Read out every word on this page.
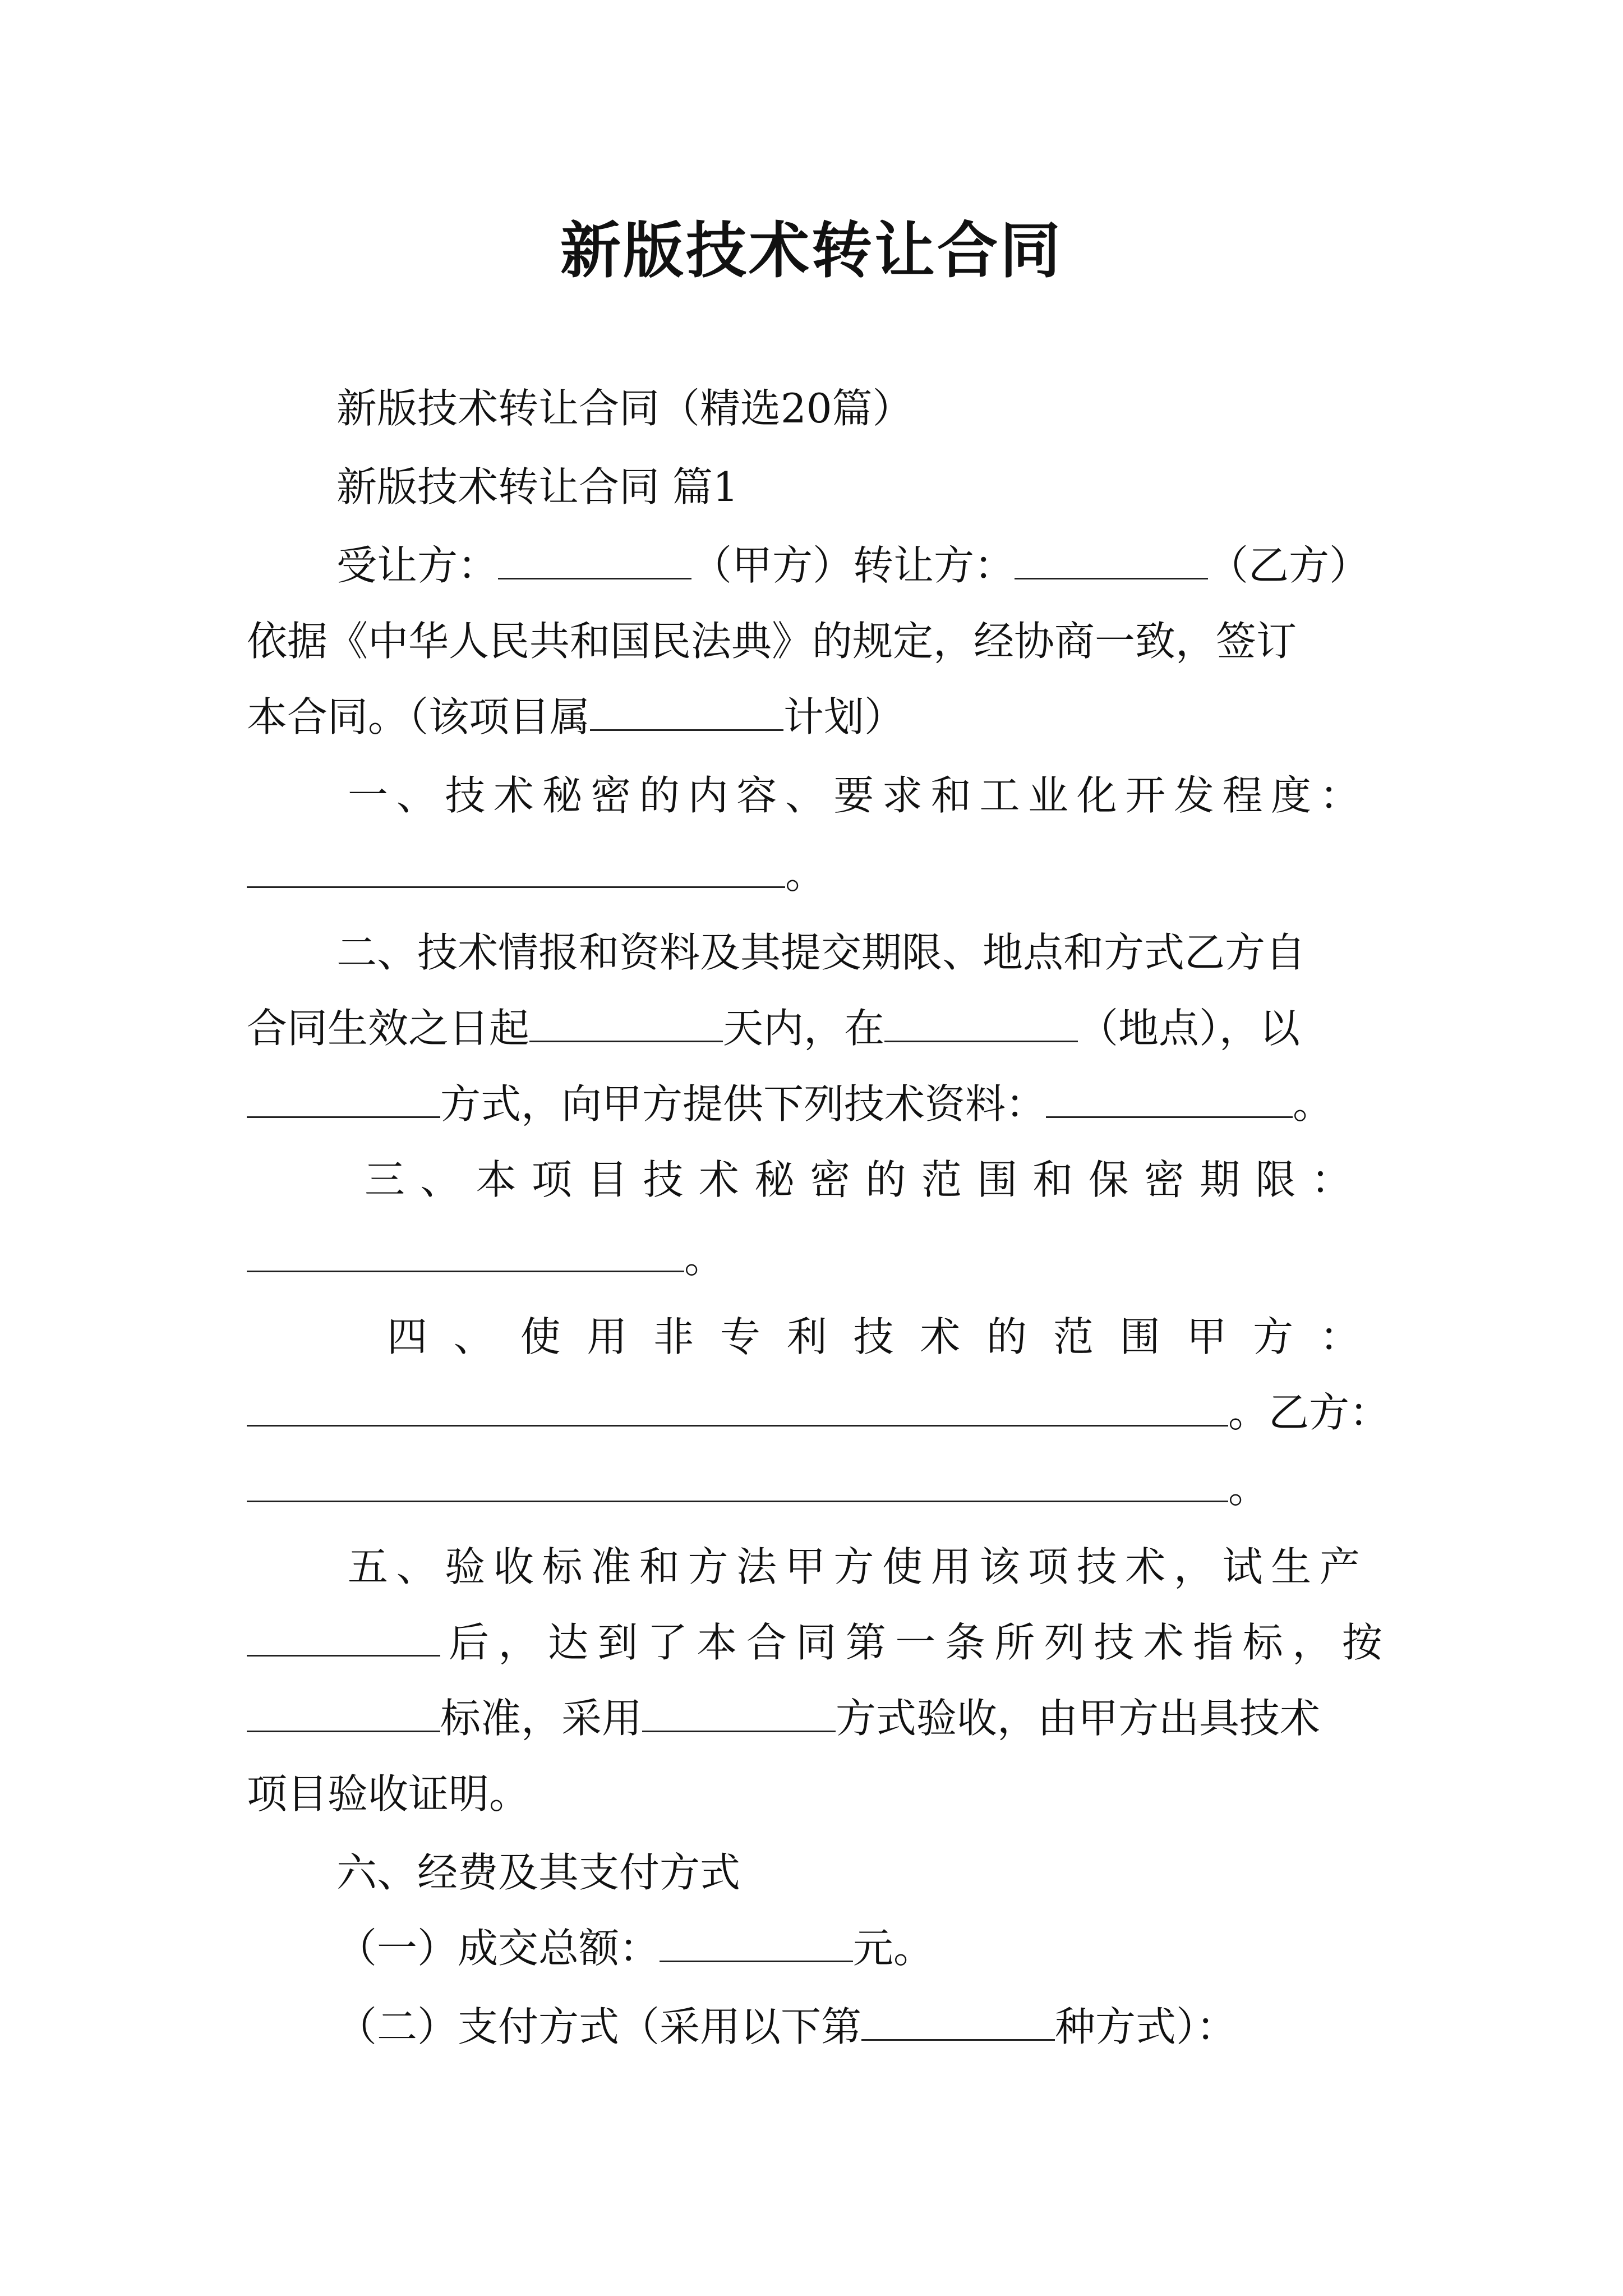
新版技术转让合同
新版技术转让合同（精选20篇）
新版技术转让合同 篇1
受让方：	（甲方）转让方：	（乙方）
依据《中华人民共和国民法典》的规定，经协商一致，签订
本合同。（该项目属	计划）
一 、 技 术 秘 密 的 内 容 、 要 求 和 工 业 化 开 发 程 度 ：
。
二、技术情报和资料及其提交期限、地点和方式乙方自
合同生效之日起	天内，在	（地点），以
方式，向甲方提供下列技术资料：	。
三 、 本 项 目 技 术 秘 密 的 范 围 和 保 密 期 限 ：
。
四 、 使 用 非 专 利 技 术 的 范 围 甲 方 ：
。乙方：
。
五 、 验 收 标 准 和 方 法 甲 方 使 用 该 项 技 术 ， 试 生 产
后 ， 达 到 了 本 合 同 第 一 条 所 列 技 术 指 标 ， 按
标准，采用	方式验收，由甲方出具技术
项目验收证明。
六、经费及其支付方式
（一）成交总额：	元。
（二）支付方式（采用以下第	种方式）：
